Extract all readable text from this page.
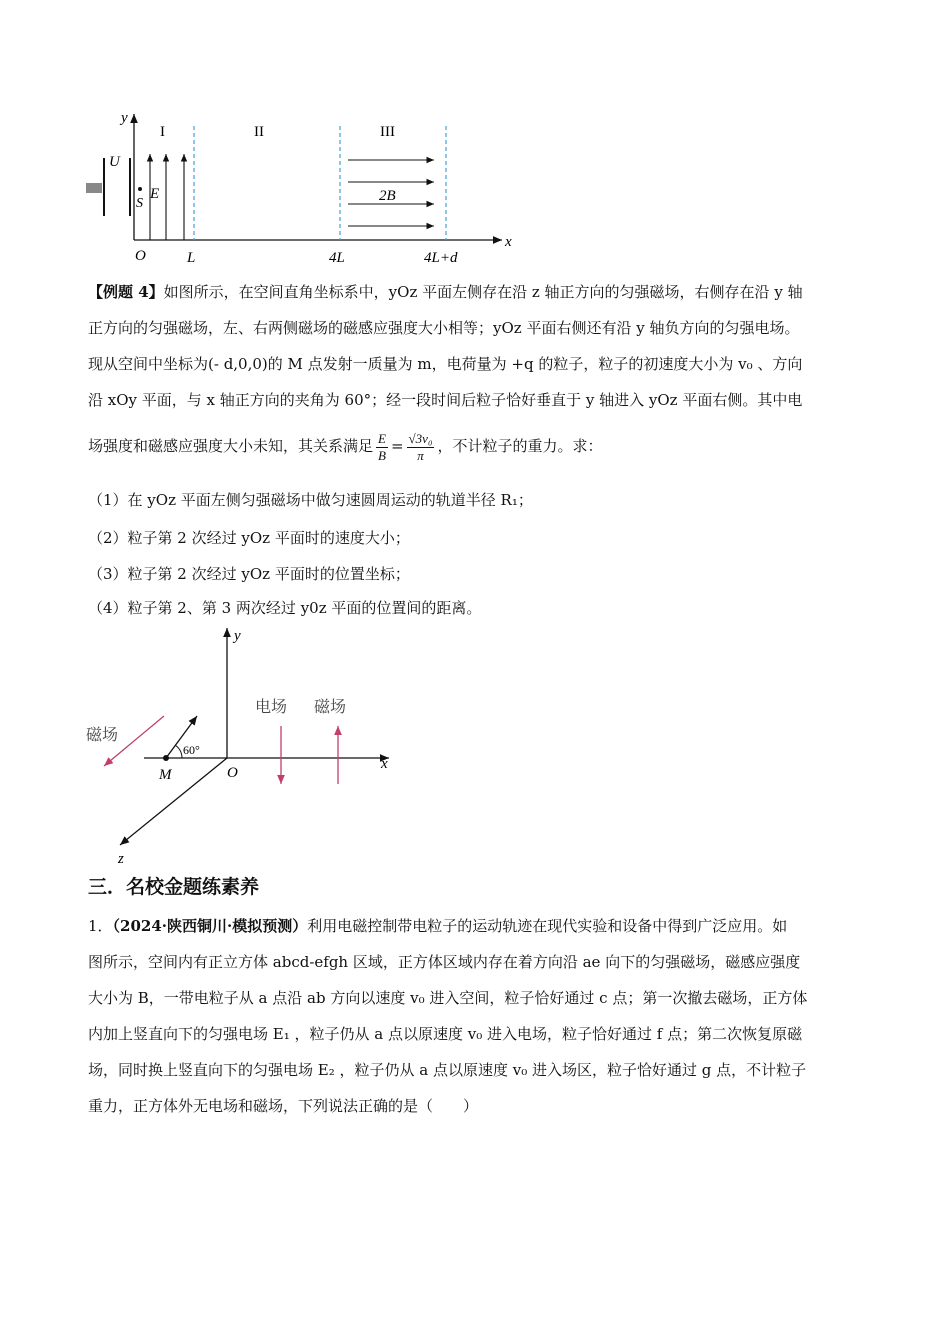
y
I	II	III
U
E
S	2B
O	L	4L	4L+d
x
【例题 4】如图所示，在空间直角坐标系中，yOz 平面左侧存在沿 z 轴正方向的匀强磁场，右侧存在沿 y 轴
正方向的匀强磁场，左、右两侧磁场的磁感应强度大小相等；yOz 平面右侧还有沿 y 轴负方向的匀强电场。
现从空间中坐标为(- d,0,0)的 M 点发射一质量为 m，电荷量为 +q 的粒子，粒子的初速度大小为 v₀ 、方向
沿 xOy 平面，与 x 轴正方向的夹角为 60°；经一段时间后粒子恰好垂直于 y 轴进入 yOz 平面右侧。其中电
场强度和磁感应强度大小未知，其关系满足 $\frac{E}{B} = \frac{\text{√3v₀}}{\pi}$ ，不计粒子的重力。求：
（1）在 yOz 平面左侧匀强磁场中做匀速圆周运动的轨道半径 R₁；
（2）粒子第 2 次经过 yOz 平面时的速度大小；
（3）粒子第 2 次经过 yOz 平面时的位置坐标；
（4）粒子第 2、第 3 两次经过 y0z 平面的位置间的距离。
y
x
z
O
M
60°
磁场
电场 磁场
三．名校金题练素养
1．（2024·陕西铜川·模拟预测）利用电磁控制带电粒子的运动轨迹在现代实验和设备中得到广泛应用。如
图所示，空间内有正立方体 abcd-efgh 区域，正方体区域内存在着方向沿 ae 向下的匀强磁场，磁感应强度
大小为 B，一带电粒子从 a 点沿 ab 方向以速度 v₀ 进入空间，粒子恰好通过 c 点；第一次撤去磁场，正方体
内加上竖直向下的匀强电场 E₁ ，粒子仍从 a 点以原速度 v₀ 进入电场，粒子恰好通过 f 点；第二次恢复原磁
场，同时换上竖直向下的匀强电场 E₂ ，粒子仍从 a 点以原速度 v₀ 进入场区，粒子恰好通过 g 点，不计粒子
重力，正方体外无电场和磁场，下列说法正确的是（　　）
